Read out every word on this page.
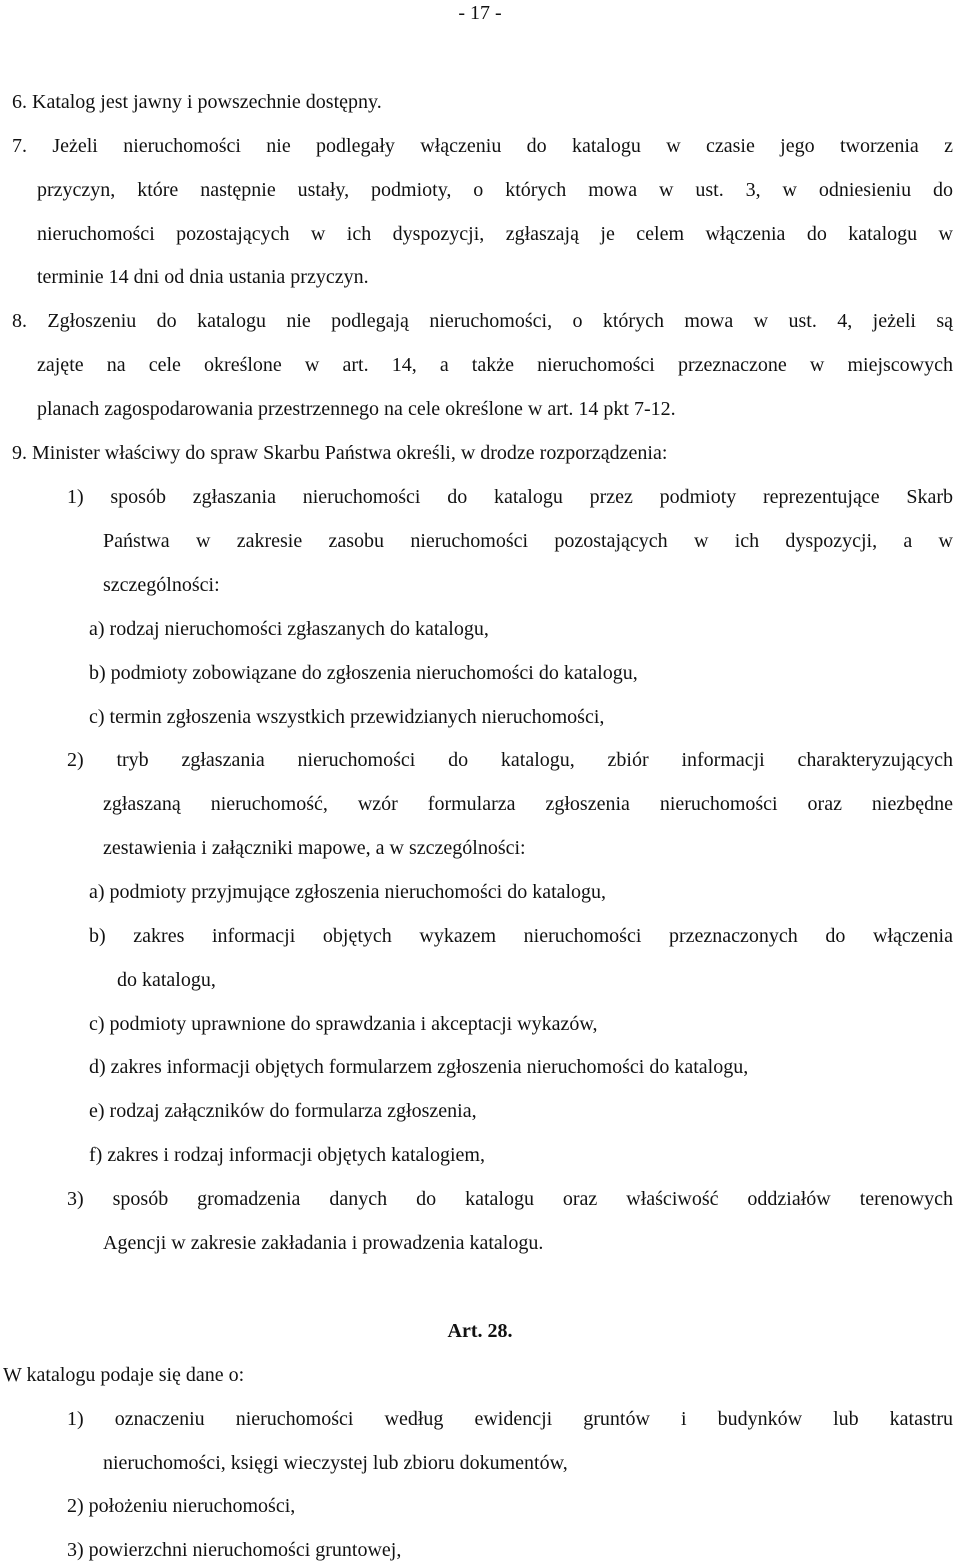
- 17 -
6. Katalog jest jawny i powszechnie dostępny.
7. Jeżeli nieruchomości nie podlegały włączeniu do katalogu w czasie jego tworzenia z
przyczyn, które następnie ustały, podmioty, o których mowa w ust. 3, w odniesieniu do
nieruchomości pozostających w ich dyspozycji, zgłaszają je celem włączenia do katalogu w
terminie 14 dni od dnia ustania przyczyn.
8. Zgłoszeniu do katalogu nie podlegają nieruchomości, o których mowa w ust. 4, jeżeli są
zajęte na cele określone w art. 14, a także nieruchomości przeznaczone w miejscowych
planach zagospodarowania przestrzennego na cele określone w art. 14 pkt 7-12.
9. Minister właściwy do spraw Skarbu Państwa określi, w drodze rozporządzenia:
1) sposób zgłaszania nieruchomości do katalogu przez podmioty reprezentujące Skarb
Państwa w zakresie zasobu nieruchomości pozostających w ich dyspozycji, a w
szczególności:
a) rodzaj nieruchomości zgłaszanych do katalogu,
b) podmioty zobowiązane do zgłoszenia nieruchomości do katalogu,
c) termin zgłoszenia wszystkich przewidzianych nieruchomości,
2) tryb zgłaszania nieruchomości do katalogu, zbiór informacji charakteryzujących
zgłaszaną nieruchomość, wzór formularza zgłoszenia nieruchomości oraz niezbędne
zestawienia i załączniki mapowe, a w szczególności:
a) podmioty przyjmujące zgłoszenia nieruchomości do katalogu,
b) zakres informacji objętych wykazem nieruchomości przeznaczonych do włączenia
do katalogu,
c) podmioty uprawnione do sprawdzania i akceptacji wykazów,
d) zakres informacji objętych formularzem zgłoszenia nieruchomości do katalogu,
e) rodzaj załączników do formularza zgłoszenia,
f) zakres i rodzaj informacji objętych katalogiem,
3) sposób gromadzenia danych do katalogu oraz właściwość oddziałów terenowych
Agencji w zakresie zakładania i prowadzenia katalogu.
Art. 28.
W katalogu podaje się dane o:
1) oznaczeniu nieruchomości według ewidencji gruntów i budynków lub katastru
nieruchomości, księgi wieczystej lub zbioru dokumentów,
2) położeniu nieruchomości,
3) powierzchni nieruchomości gruntowej,
